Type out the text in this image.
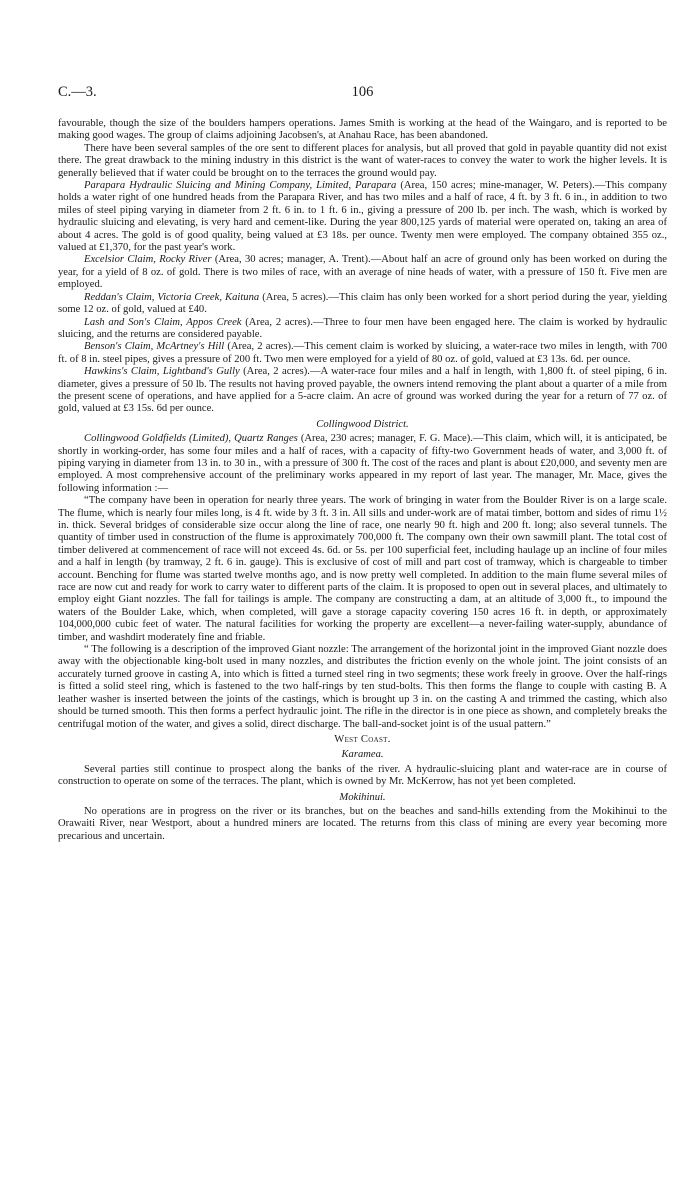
C.—3.	106

favourable, though the size of the boulders hampers operations. James Smith is working at the head of the Waingaro, and is reported to be making good wages. The group of claims adjoining Jacobsen's, at Anahau Race, has been abandoned.

There have been several samples of the ore sent to different places for analysis, but all proved that gold in payable quantity did not exist there. The great drawback to the mining industry in this district is the want of water-races to convey the water to work the higher levels. It is generally believed that if water could be brought on to the terraces the ground would pay.

Parapara Hydraulic Sluicing and Mining Company, Limited, Parapara (Area, 150 acres; mine-manager, W. Peters).—This company holds a water right of one hundred heads from the Parapara River, and has two miles and a half of race, 4 ft. by 3 ft. 6 in., in addition to two miles of steel piping varying in diameter from 2 ft. 6 in. to 1 ft. 6 in., giving a pressure of 200 lb. per inch. The wash, which is worked by hydraulic sluicing and elevating, is very hard and cement-like. During the year 800,125 yards of material were operated on, taking an area of about 4 acres. The gold is of good quality, being valued at £3 18s. per ounce. Twenty men were employed. The company obtained 355 oz., valued at £1,370, for the past year's work.

Excelsior Claim, Rocky River (Area, 30 acres; manager, A. Trent).—About half an acre of ground only has been worked on during the year, for a yield of 8 oz. of gold. There is two miles of race, with an average of nine heads of water, with a pressure of 150 ft. Five men are employed.

Reddan's Claim, Victoria Creek, Kaituna (Area, 5 acres).—This claim has only been worked for a short period during the year, yielding some 12 oz. of gold, valued at £40.

Lash and Son's Claim, Appos Creek (Area, 2 acres).—Three to four men have been engaged here. The claim is worked by hydraulic sluicing, and the returns are considered payable.

Benson's Claim, McArtney's Hill (Area, 2 acres).—This cement claim is worked by sluicing, a water-race two miles in length, with 700 ft. of 8 in. steel pipes, gives a pressure of 200 ft. Two men were employed for a yield of 80 oz. of gold, valued at £3 13s. 6d. per ounce.

Hawkins's Claim, Lightband's Gully (Area, 2 acres).—A water-race four miles and a half in length, with 1,800 ft. of steel piping, 6 in. diameter, gives a pressure of 50 lb. The results not having proved payable, the owners intend removing the plant about a quarter of a mile from the present scene of operations, and have applied for a 5-acre claim. An acre of ground was worked during the year for a return of 77 oz. of gold, valued at £3 15s. 6d per ounce.

Collingwood District.

Collingwood Goldfields (Limited), Quartz Ranges (Area, 230 acres; manager, F. G. Mace).—This claim, which will, it is anticipated, be shortly in working-order, has some four miles and a half of races, with a capacity of fifty-two Government heads of water, and 3,000 ft. of piping varying in diameter from 13 in. to 30 in., with a pressure of 300 ft. The cost of the races and plant is about £20,000, and seventy men are employed. A most comprehensive account of the preliminary works appeared in my report of last year. The manager, Mr. Mace, gives the following information :—

“The company have been in operation for nearly three years. The work of bringing in water from the Boulder River is on a large scale. The flume, which is nearly four miles long, is 4 ft. wide by 3 ft. 3 in. All sills and under-work are of matai timber, bottom and sides of rimu 1½ in. thick. Several bridges of considerable size occur along the line of race, one nearly 90 ft. high and 200 ft. long; also several tunnels. The quantity of timber used in construction of the flume is approximately 700,000 ft. The company own their own sawmill plant. The total cost of timber delivered at commencement of race will not exceed 4s. 6d. or 5s. per 100 superficial feet, including haulage up an incline of four miles and a half in length (by tramway, 2 ft. 6 in. gauge). This is exclusive of cost of mill and part cost of tramway, which is chargeable to timber account. Benching for flume was started twelve months ago, and is now pretty well completed. In addition to the main flume several miles of race are now cut and ready for work to carry water to different parts of the claim. It is proposed to open out in several places, and ultimately to employ eight Giant nozzles. The fall for tailings is ample. The company are constructing a dam, at an altitude of 3,000 ft., to impound the waters of the Boulder Lake, which, when completed, will gave a storage capacity covering 150 acres 16 ft. in depth, or approximately 104,000,000 cubic feet of water. The natural facilities for working the property are excellent—a never-failing water-supply, abundance of timber, and washdirt moderately fine and friable.

“ The following is a description of the improved Giant nozzle: The arrangement of the horizontal joint in the improved Giant nozzle does away with the objectionable king-bolt used in many nozzles, and distributes the friction evenly on the whole joint. The joint consists of an accurately turned groove in casting A, into which is fitted a turned steel ring in two segments; these work freely in groove. Over the half-rings is fitted a solid steel ring, which is fastened to the two half-rings by ten stud-bolts. This then forms the flange to couple with casting B. A leather washer is inserted between the joints of the castings, which is brought up 3 in. on the casting A and trimmed the casting, which also should be turned smooth. This then forms a perfect hydraulic joint. The rifle in the director is in one piece as shown, and completely breaks the centrifugal motion of the water, and gives a solid, direct discharge. The ball-and-socket joint is of the usual pattern.”

West Coast.

Karamea.

Several parties still continue to prospect along the banks of the river. A hydraulic-sluicing plant and water-race are in course of construction to operate on some of the terraces. The plant, which is owned by Mr. McKerrow, has not yet been completed.

Mokihinui.

No operations are in progress on the river or its branches, but on the beaches and sand-hills extending from the Mokihinui to the Orawaiti River, near Westport, about a hundred miners are located. The returns from this class of mining are every year becoming more precarious and uncertain.
